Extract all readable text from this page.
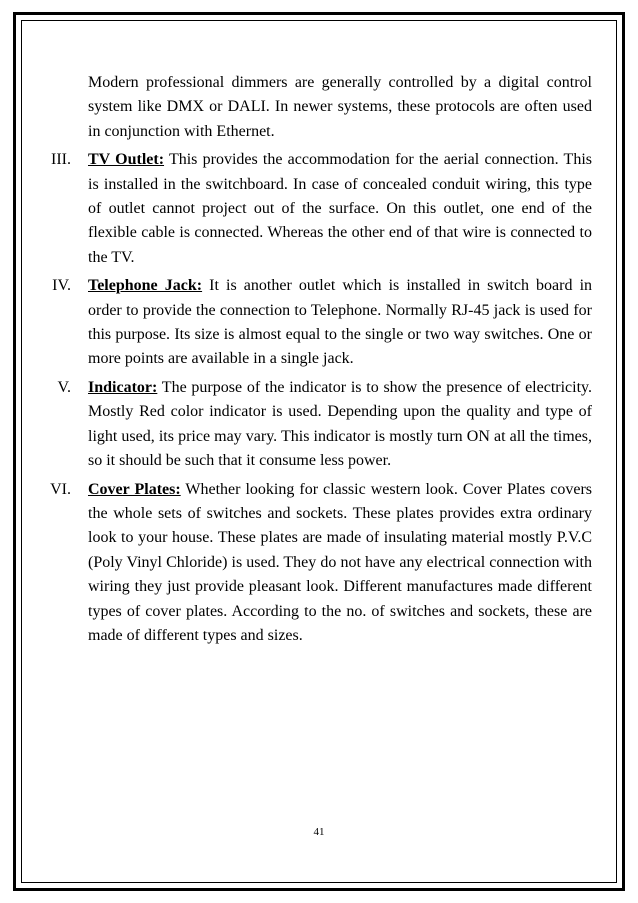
Modern professional dimmers are generally controlled by a digital control system like DMX or DALI. In newer systems, these protocols are often used in conjunction with Ethernet.
III.	TV Outlet: This provides the accommodation for the aerial connection. This is installed in the switchboard. In case of concealed conduit wiring, this type of outlet cannot project out of the surface. On this outlet, one end of the flexible cable is connected. Whereas the other end of that wire is connected to the TV.
IV.	Telephone Jack: It is another outlet which is installed in switch board in order to provide the connection to Telephone. Normally RJ-45 jack is used for this purpose. Its size is almost equal to the single or two way switches. One or more points are available in a single jack.
V.	Indicator: The purpose of the indicator is to show the presence of electricity. Mostly Red color indicator is used. Depending upon the quality and type of light used, its price may vary. This indicator is mostly turn ON at all the times, so it should be such that it consume less power.
VI.	Cover Plates: Whether looking for classic western look. Cover Plates covers the whole sets of switches and sockets. These plates provides extra ordinary look to your house. These plates are made of insulating material mostly P.V.C (Poly Vinyl Chloride) is used. They do not have any electrical connection with wiring they just provide pleasant look. Different manufactures made different types of cover plates. According to the no. of switches and sockets, these are made of different types and sizes.
41
